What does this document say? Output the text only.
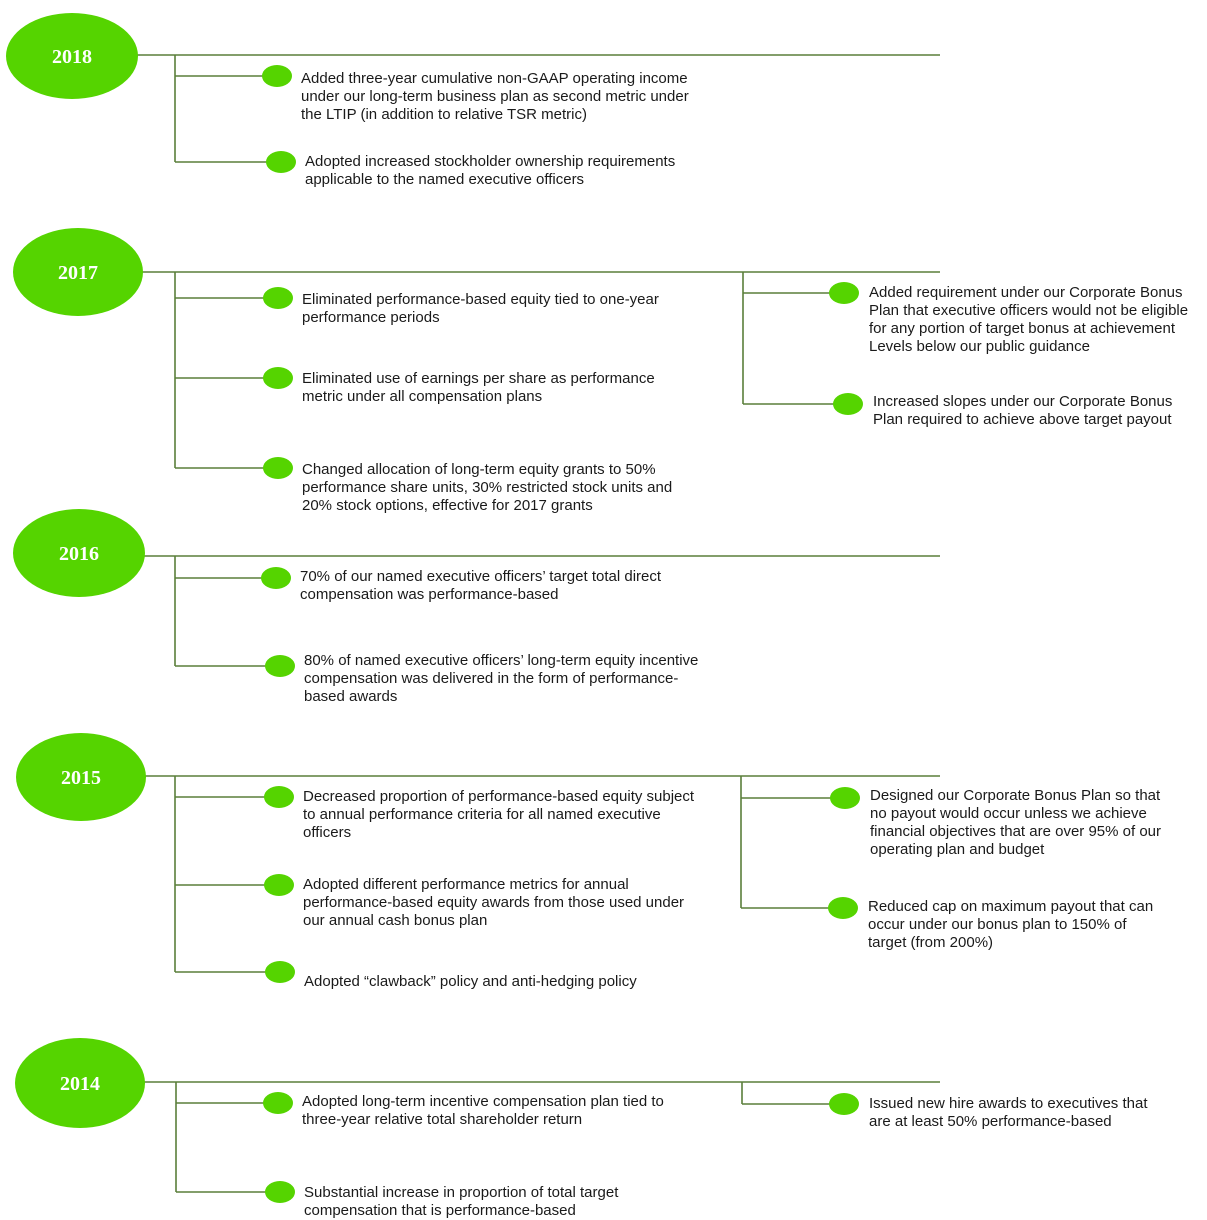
2018
2017
2016
2015
2014
Added three-year cumulative non-GAAP operating income
under our long-term business plan as second metric under
the LTIP (in addition to relative TSR metric)
Adopted increased stockholder ownership requirements
applicable to the named executive officers
Eliminated performance-based equity tied to one-year
performance periods
Eliminated use of earnings per share as performance
metric under all compensation plans
Changed allocation of long-term equity grants to 50%
performance share units, 30% restricted stock units and
20% stock options, effective for 2017 grants
Added requirement under our Corporate Bonus
Plan that executive officers would not be eligible
for any portion of target bonus at achievement
Levels below our public guidance
Increased slopes under our Corporate Bonus
Plan required to achieve above target payout
70% of our named executive officers’ target total direct
compensation was performance-based
80% of named executive officers’ long-term equity incentive
compensation was delivered in the form of performance-
based awards
Decreased proportion of performance-based equity subject
to annual performance criteria for all named executive
officers
Adopted different performance metrics for annual
performance-based equity awards from those used under
our annual cash bonus plan
Adopted “clawback” policy and anti-hedging policy
Designed our Corporate Bonus Plan so that
no payout would occur unless we achieve
financial objectives that are over 95% of our
operating plan and budget
Reduced cap on maximum payout that can
occur under our bonus plan to 150% of
target (from 200%)
Adopted long-term incentive compensation plan tied to
three-year relative total shareholder return
Substantial increase in proportion of total target
compensation that is performance-based
Issued new hire awards to executives that
are at least 50% performance-based
